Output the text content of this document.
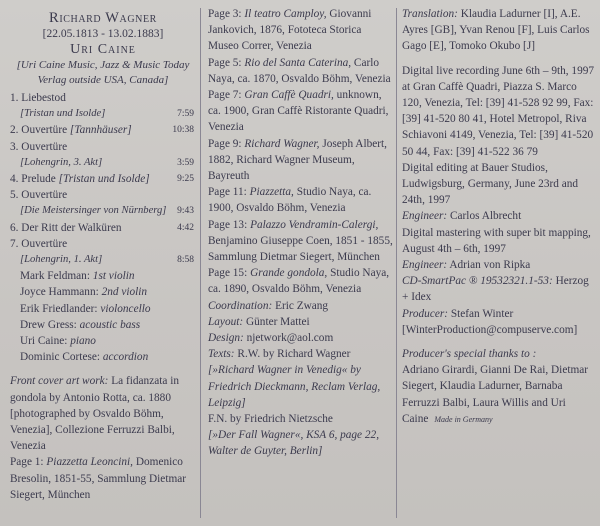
Richard Wagner
[22.05.1813 - 13.02.1883]
Uri Caine
[Uri Caine Music, Jazz & Music Today Verlag outside USA, Canada]
1. Liebestod
[Tristan und Isolde]	7:59
2. Ouvertüre [Tannhäuser]	10:38
3. Ouvertüre
[Lohengrin, 3. Akt]	3:59
4. Prelude [Tristan und Isolde]	9:25
5. Ouvertüre
[Die Meistersinger von Nürnberg]	9:43
6. Der Ritt der Walküren	4:42
7. Ouvertüre
[Lohengrin, 1. Akt]	8:58
Mark Feldman: 1st violin
Joyce Hammann: 2nd violin
Erik Friedlander: violoncello
Drew Gress: acoustic bass
Uri Caine: piano
Dominic Cortese: accordion
Front cover art work: La fidanzata in gondola by Antonio Rotta, ca. 1880 [photographed by Osvaldo Böhm, Venezia], Collezione Ferruzzi Balbi, Venezia
Page 1: Piazzetta Leoncini, Domenico Bresolin, 1851-55, Sammlung Dietmar Siegert, München
Page 3: Il teatro Camploy, Giovanni Jankovich, 1876, Fototeca Storica Museo Correr, Venezia
Page 5: Rio del Santa Caterina, Carlo Naya, ca. 1870, Osvaldo Böhm, Venezia
Page 7: Gran Caffè Quadri, unknown, ca. 1900, Gran Caffè Ristorante Quadri, Venezia
Page 9: Richard Wagner, Joseph Albert, 1882, Richard Wagner Museum, Bayreuth
Page 11: Piazzetta, Studio Naya, ca. 1900, Osvaldo Böhm, Venezia
Page 13: Palazzo Vendramin-Calergi, Benjamino Giuseppe Coen, 1851 - 1855, Sammlung Dietmar Siegert, München
Page 15: Grande gondola, Studio Naya, ca. 1890, Osvaldo Böhm, Venezia
Coordination: Eric Zwang
Layout: Günter Mattei
Design: njetwork@aol.com
Texts: R.W. by Richard Wagner
[»Richard Wagner in Venedig« by Friedrich Dieckmann, Reclam Verlag, Leipzig]
F.N. by Friedrich Nietzsche
[»Der Fall Wagner«, KSA 6, page 22, Walter de Guyter, Berlin]
Translation: Klaudia Ladurner [I], A.E. Ayres [GB], Yvan Renou [F], Luis Carlos Gago [E], Tomoko Okubo [J]
Digital live recording June 6th – 9th, 1997 at Gran Caffè Quadri, Piazza S. Marco 120, Venezia, Tel: [39] 41-528 92 99, Fax: [39] 41-520 80 41, Hotel Metropol, Riva Schiavoni 4149, Venezia, Tel: [39] 41-520 50 44, Fax: [39] 41-522 36 79
Digital editing at Bauer Studios, Ludwigsburg, Germany, June 23rd and 24th, 1997
Engineer: Carlos Albrecht
Digital mastering with super bit mapping, August 4th – 6th, 1997
Engineer: Adrian von Ripka
CD-SmartPac ® 19532321.1-53: Herzog + Idex
Producer: Stefan Winter
[WinterProduction@compuserve.com]
Producer's special thanks to :
Adriano Girardi, Gianni De Rai, Dietmar Siegert, Klaudia Ladurner, Barnaba Ferruzzi Balbi, Laura Willis and Uri Caine Made in Germany
